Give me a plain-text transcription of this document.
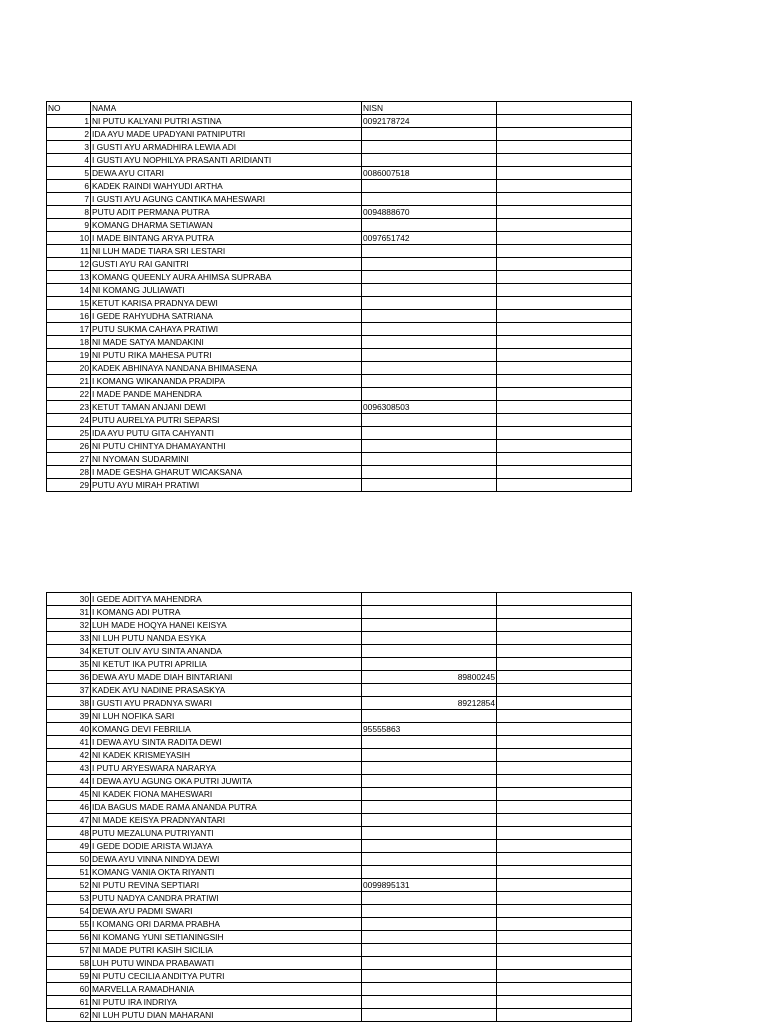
NO	NAMA	NISN	
1	NI PUTU KALYANI PUTRI ASTINA	0092178724	
2	IDA AYU MADE UPADYANI PATNIPUTRI		
3	I GUSTI AYU ARMADHIRA LEWIA ADI		
4	I GUSTI AYU NOPHILYA PRASANTI ARIDIANTI		
5	DEWA AYU CITARI	0086007518	
6	KADEK RAINDI WAHYUDI ARTHA		
7	I GUSTI AYU AGUNG CANTIKA MAHESWARI		
8	PUTU ADIT PERMANA PUTRA	0094888670	
9	KOMANG DHARMA SETIAWAN		
10	I MADE BINTANG ARYA PUTRA	0097651742	
11	NI LUH MADE TIARA SRI LESTARI		
12	GUSTI AYU RAI GANITRI		
13	KOMANG QUEENLY AURA AHIMSA SUPRABA		
14	NI KOMANG JULIAWATI		
15	KETUT KARISA PRADNYA DEWI		
16	I GEDE RAHYUDHA SATRIANA		
17	PUTU SUKMA CAHAYA PRATIWI		
18	NI MADE SATYA MANDAKINI		
19	NI PUTU RIKA MAHESA PUTRI		
20	KADEK ABHINAYA NANDANA BHIMASENA		
21	I KOMANG WIKANANDA PRADIPA		
22	I MADE PANDE MAHENDRA		
23	KETUT TAMAN ANJANI DEWI	0096308503	
24	PUTU AURELYA PUTRI SEPARSI		
25	IDA AYU PUTU GITA CAHYANTI		
26	NI PUTU CHINTYA DHAMAYANTHI		
27	NI NYOMAN SUDARMINI		
28	I MADE GESHA GHARUT WICAKSANA		
29	PUTU AYU MIRAH PRATIWI		
30	I GEDE ADITYA MAHENDRA		
31	I KOMANG ADI PUTRA		
32	LUH MADE HOQYA HANEI KEISYA		
33	NI LUH PUTU NANDA ESYKA		
34	KETUT OLIV AYU SINTA ANANDA		
35	NI KETUT IKA PUTRI APRILIA		
36	DEWA AYU MADE DIAH BINTARIANI	89800245	
37	KADEK AYU NADINE PRASASKYA		
38	I GUSTI AYU PRADNYA SWARI	89212854	
39	NI LUH NOFIKA SARI		
40	KOMANG DEVI FEBRILIA	95555863	
41	I DEWA AYU SINTA RADITA DEWI		
42	NI KADEK KRISMEYASIH		
43	I PUTU ARYESWARA NARARYA		
44	I DEWA AYU AGUNG OKA PUTRI JUWITA		
45	NI KADEK FIONA MAHESWARI		
46	IDA BAGUS MADE RAMA ANANDA PUTRA		
47	NI MADE KEISYA PRADNYANTARI		
48	PUTU MEZALUNA PUTRIYANTI		
49	I GEDE DODIE ARISTA WIJAYA		
50	DEWA AYU VINNA NINDYA DEWI		
51	KOMANG VANIA OKTA RIYANTI		
52	NI PUTU REVINA SEPTIARI	0099895131	
53	PUTU NADYA CANDRA PRATIWI		
54	DEWA AYU PADMI SWARI		
55	I KOMANG ORI DARMA PRABHA		
56	NI KOMANG YUNI SETIANINGSIH		
57	NI MADE PUTRI KASIH SICILIA		
58	LUH PUTU WINDA PRABAWATI		
59	NI PUTU CECILIA ANDITYA PUTRI		
60	MARVELLA RAMADHANIA		
61	NI PUTU IRA INDRIYA		
62	NI LUH PUTU DIAN MAHARANI		
